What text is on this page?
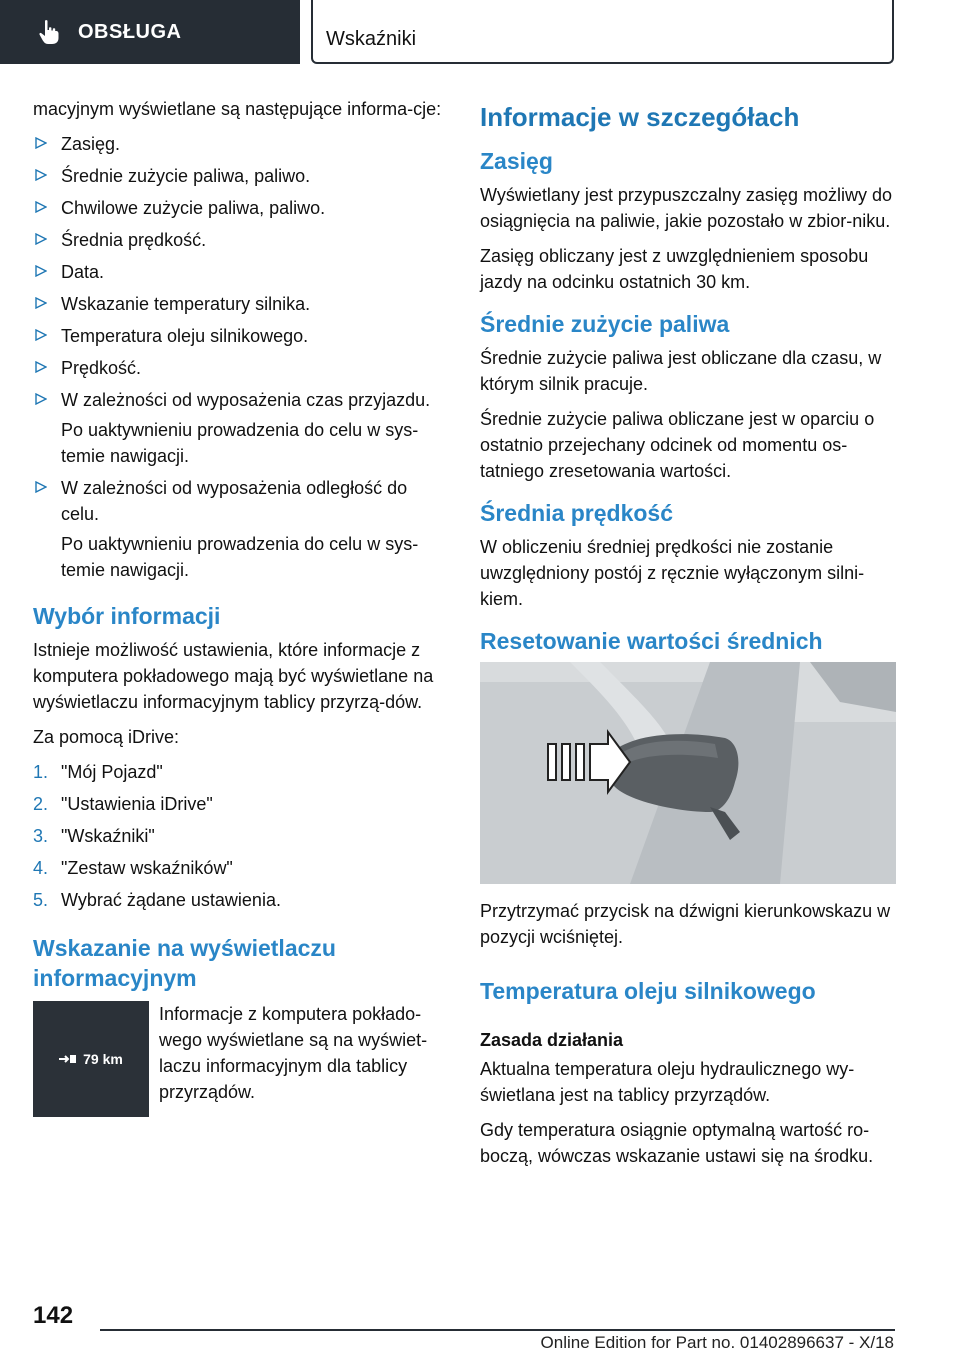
OBSŁUGA	Wskaźniki

macyjnym wyświetlane są następujące informa-cje:

Zasięg.
Średnie zużycie paliwa, paliwo.
Chwilowe zużycie paliwa, paliwo.
Średnia prędkość.
Data.
Wskazanie temperatury silnika.
Temperatura oleju silnikowego.
Prędkość.
W zależności od wyposażenia czas przyjazdu.
Po uaktywnieniu prowadzenia do celu w sys-temie nawigacji.
W zależności od wyposażenia odległość do celu.
Po uaktywnieniu prowadzenia do celu w sys-temie nawigacji.
Wybór informacji

Istnieje możliwość ustawienia, które informacje z komputera pokładowego mają być wyświetlane na wyświetlaczu informacyjnym tablicy przyrzą-dów.

Za pomocą iDrive:

1. "Mój Pojazd"
2. "Ustawienia iDrive"
3. "Wskaźniki"
4. "Zestaw wskaźników"
5. Wybrać żądane ustawienia.
Wskazanie na wyświetlaczu informacyjnym
79 km

Informacje z komputera pokłado-wego wyświetlane są na wyświet-laczu informacyjnym dla tablicy przyrządów.

Informacje w szczegółach
Zasięg

Wyświetlany jest przypuszczalny zasięg możliwy do osiągnięcia na paliwie, jakie pozostało w zbior-niku.

Zasięg obliczany jest z uwzględnieniem sposobu jazdy na odcinku ostatnich 30 km.

Średnie zużycie paliwa

Średnie zużycie paliwa jest obliczane dla czasu, w którym silnik pracuje.

Średnie zużycie paliwa obliczane jest w oparciu o ostatnio przejechany odcinek od momentu os-tatniego zresetowania wartości.

Średnia prędkość

W obliczeniu średniej prędkości nie zostanie uwzględniony postój z ręcznie wyłączonym silni-kiem.

Resetowanie wartości średnich

Przytrzymać przycisk na dźwigni kierunkowskazu w pozycji wciśniętej.

Temperatura oleju silnikowego
Zasada działania

Aktualna temperatura oleju hydraulicznego wy-świetlana jest na tablicy przyrządów.

Gdy temperatura osiągnie optymalną wartość ro-boczą, wówczas wskazanie ustawi się na środku.

142
Online Edition for Part no. 01402896637 - X/18
